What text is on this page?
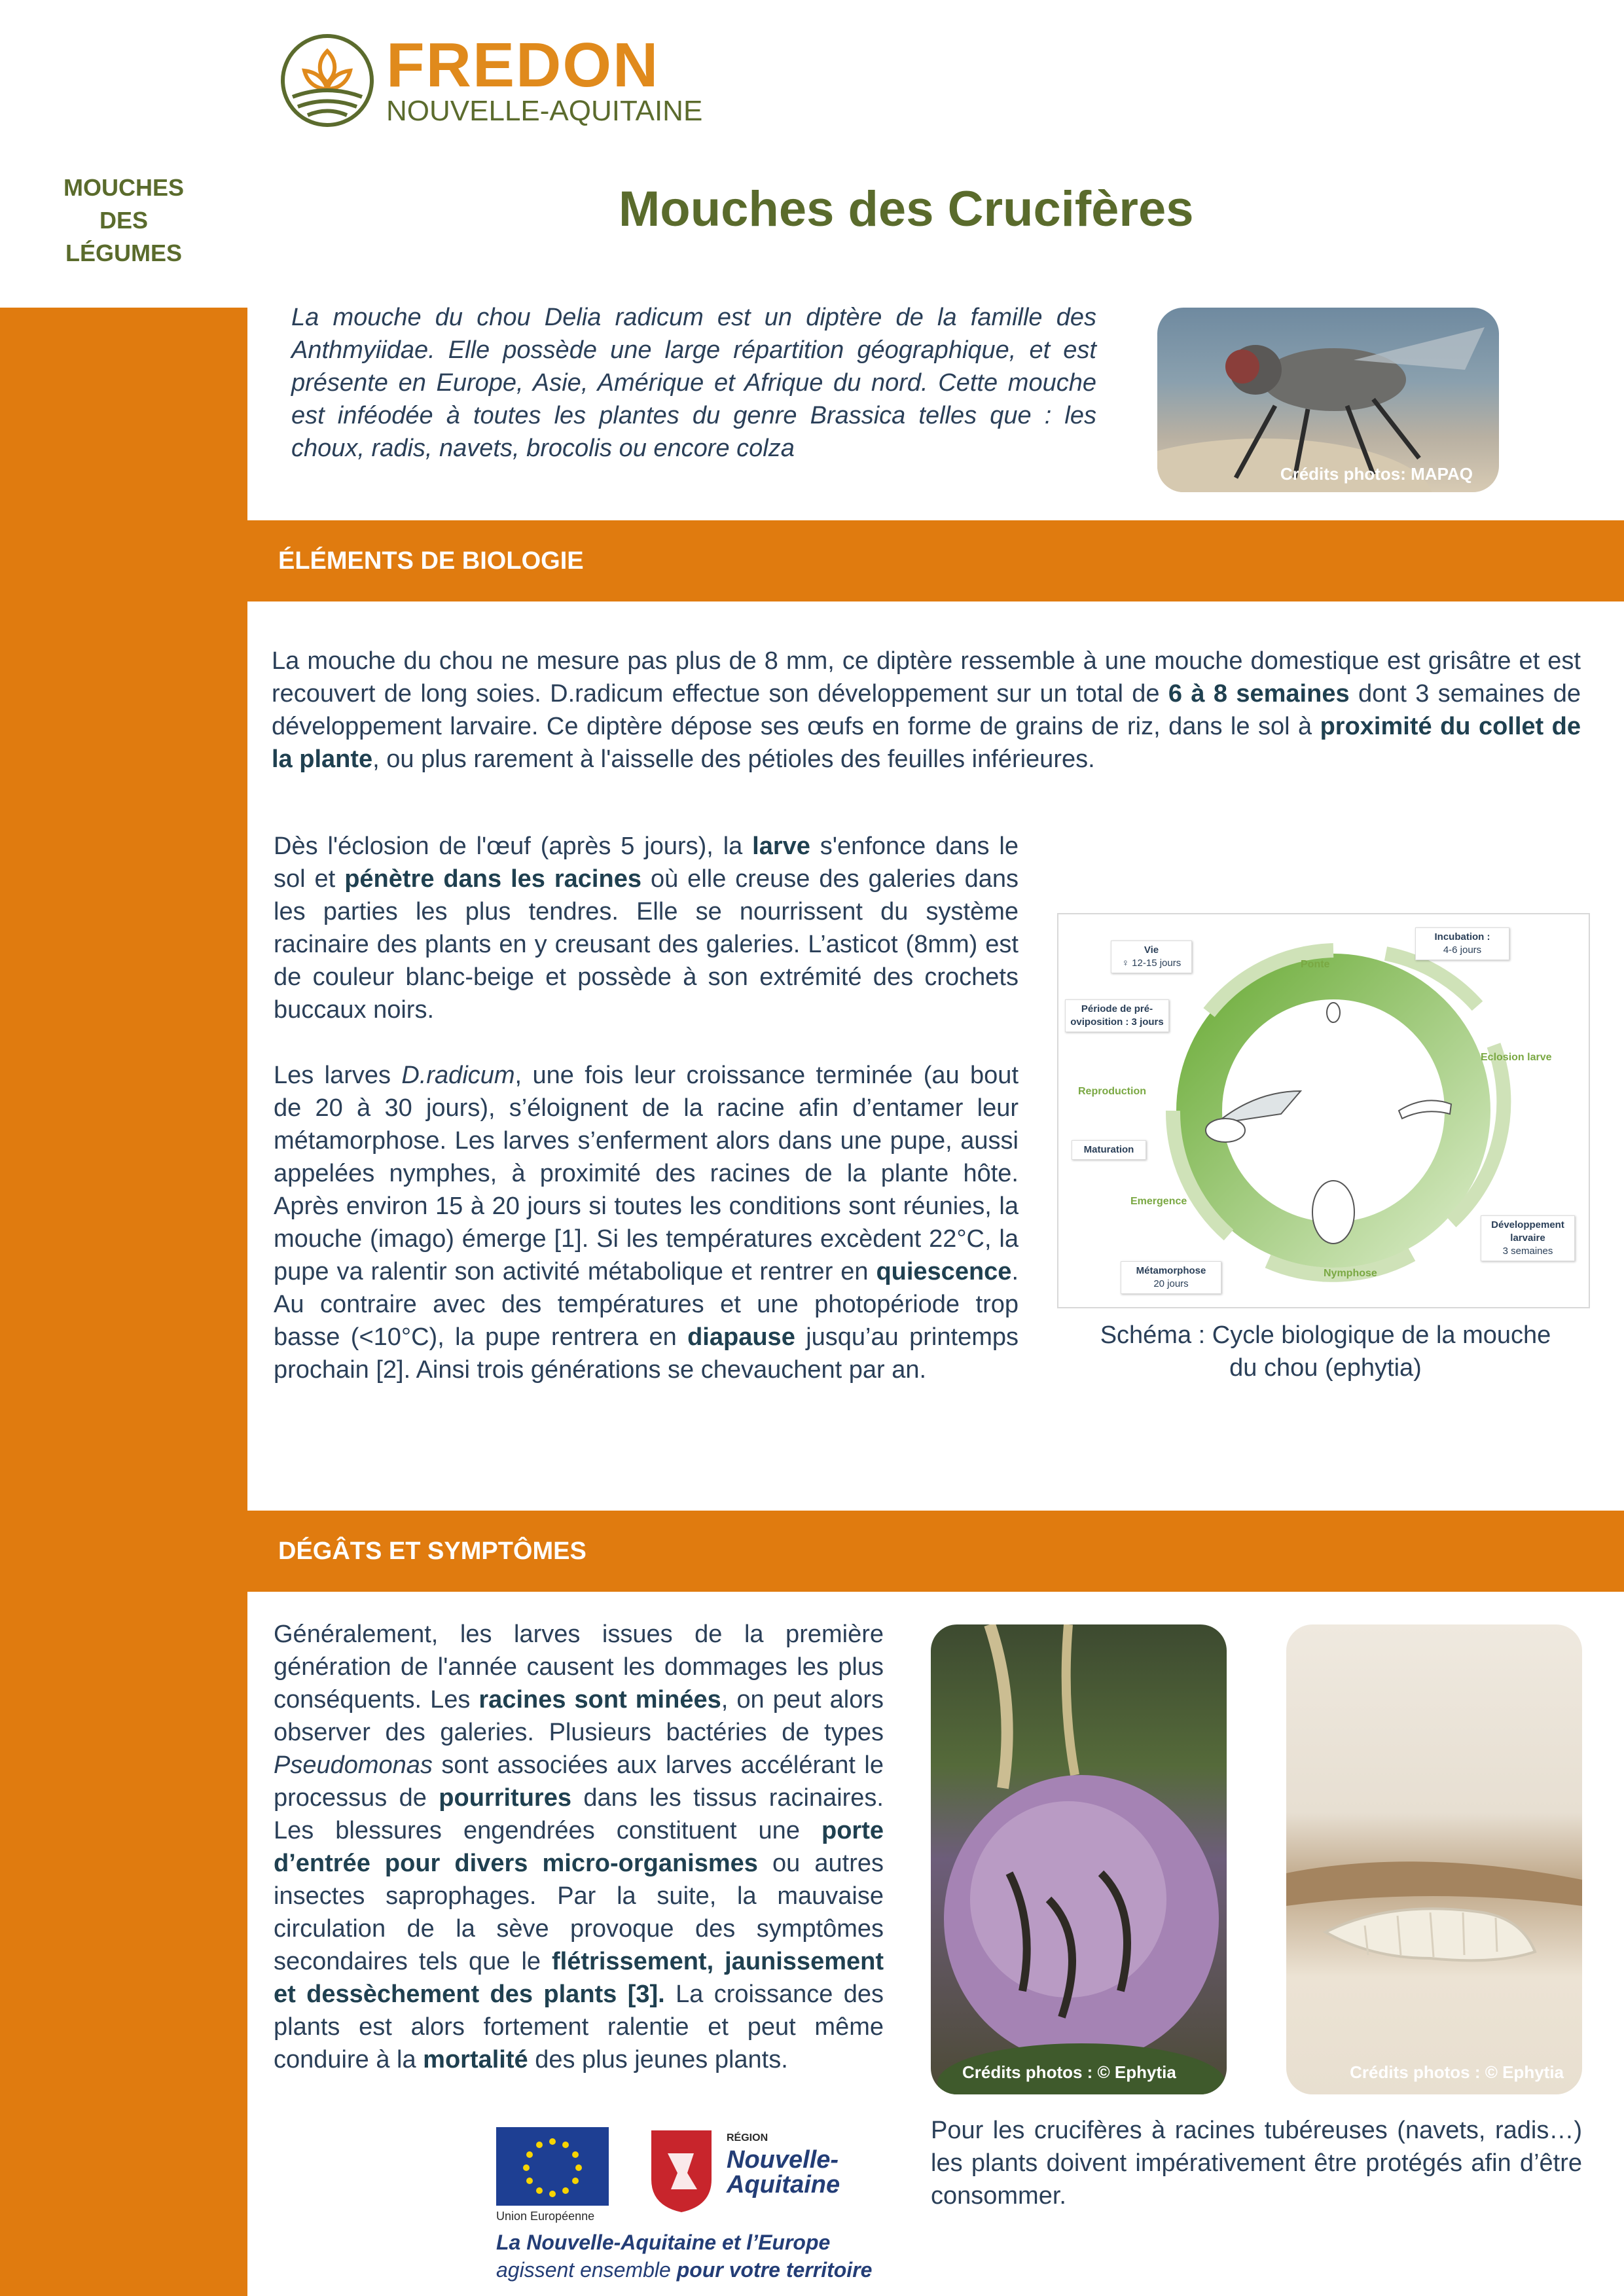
MOUCHES
DES
LÉGUMES
FREDON
NOUVELLE-AQUITAINE
Mouches des Crucifères
La mouche du chou Delia radicum est un diptère de la famille des Anthmyiidae. Elle possède une large répartition géographique, et est présente en Europe, Asie, Amérique et Afrique du nord. Cette mouche est inféodée à toutes les plantes du genre Brassica telles que : les choux, radis, navets, brocolis ou encore colza
Crédits photos: MAPAQ
ÉLÉMENTS DE BIOLOGIE
La mouche du chou ne mesure pas plus de 8 mm, ce diptère ressemble à une mouche domestique est grisâtre et est recouvert de long soies. D.radicum effectue son développement sur un total de 6 à 8 semaines dont 3 semaines de développement larvaire. Ce diptère dépose ses œufs en forme de grains de riz, dans le sol à proximité du collet de la plante, ou plus rarement à l'aisselle des pétioles des feuilles inférieures.
Dès l'éclosion de l'œuf (après 5 jours), la larve s'enfonce dans le sol et pénètre dans les racines où elle creuse des galeries dans les parties les plus tendres. Elle se nourrissent du système racinaire des plants en y creusant des galeries. L’asticot (8mm) est de couleur blanc-beige et possède à son extrémité des crochets buccaux noirs.
Les larves D.radicum, une fois leur croissance terminée (au bout de 20 à 30 jours), s’éloignent de la racine afin d’entamer leur métamorphose. Les larves s’enferment alors dans une pupe, aussi appelées nymphes, à proximité des racines de la plante hôte. Après environ 15 à 20 jours si toutes les conditions sont réunies, la mouche (imago) émerge [1]. Si les températures excèdent 22°C, la pupe va ralentir son activité métabolique et rentrer en quiescence. Au contraire avec des températures et une photopériode trop basse (<10°C), la pupe rentrera en diapause jusqu’au printemps prochain [2]. Ainsi trois générations se chevauchent par an.
Vie
♀ 12-15 jours	Ponte
Incubation :
4-6 jours
Période de pré-oviposition : 3 jours
Eclosion larve
Reproduction
Maturation
Emergence
Développement larvaire
3 semaines
Métamorphose
20 jours
Nymphose
Schéma : Cycle biologique de la mouche du chou (ephytia)
DÉGÂTS ET SYMPTÔMES
Généralement, les larves issues de la première génération de l'année causent les dommages les plus conséquents. Les racines sont minées, on peut alors observer des galeries. Plusieurs bactéries de types Pseudomonas sont associées aux larves accélérant le processus de pourritures dans les tissus racinaires. Les blessures engendrées constituent une porte d’entrée pour divers micro-organismes ou autres insectes saprophages. Par la suite, la mauvaise circulation de la sève provoque des symptômes secondaires tels que le flétrissement, jaunissement et dessèchement des plants [3]. La croissance des plants est alors fortement ralentie et peut même conduire à la mortalité des plus jeunes plants.	Crédits photos : © Ephytia	Crédits photos : © Ephytia
Pour les crucifères à racines tubéreuses (navets, radis…) les plants doivent impérativement être protégés afin d’être consommer.
Union Européenne
RÉGION
Nouvelle-
Aquitaine
La Nouvelle-Aquitaine et l’Europe
agissent ensemble pour votre territoire
